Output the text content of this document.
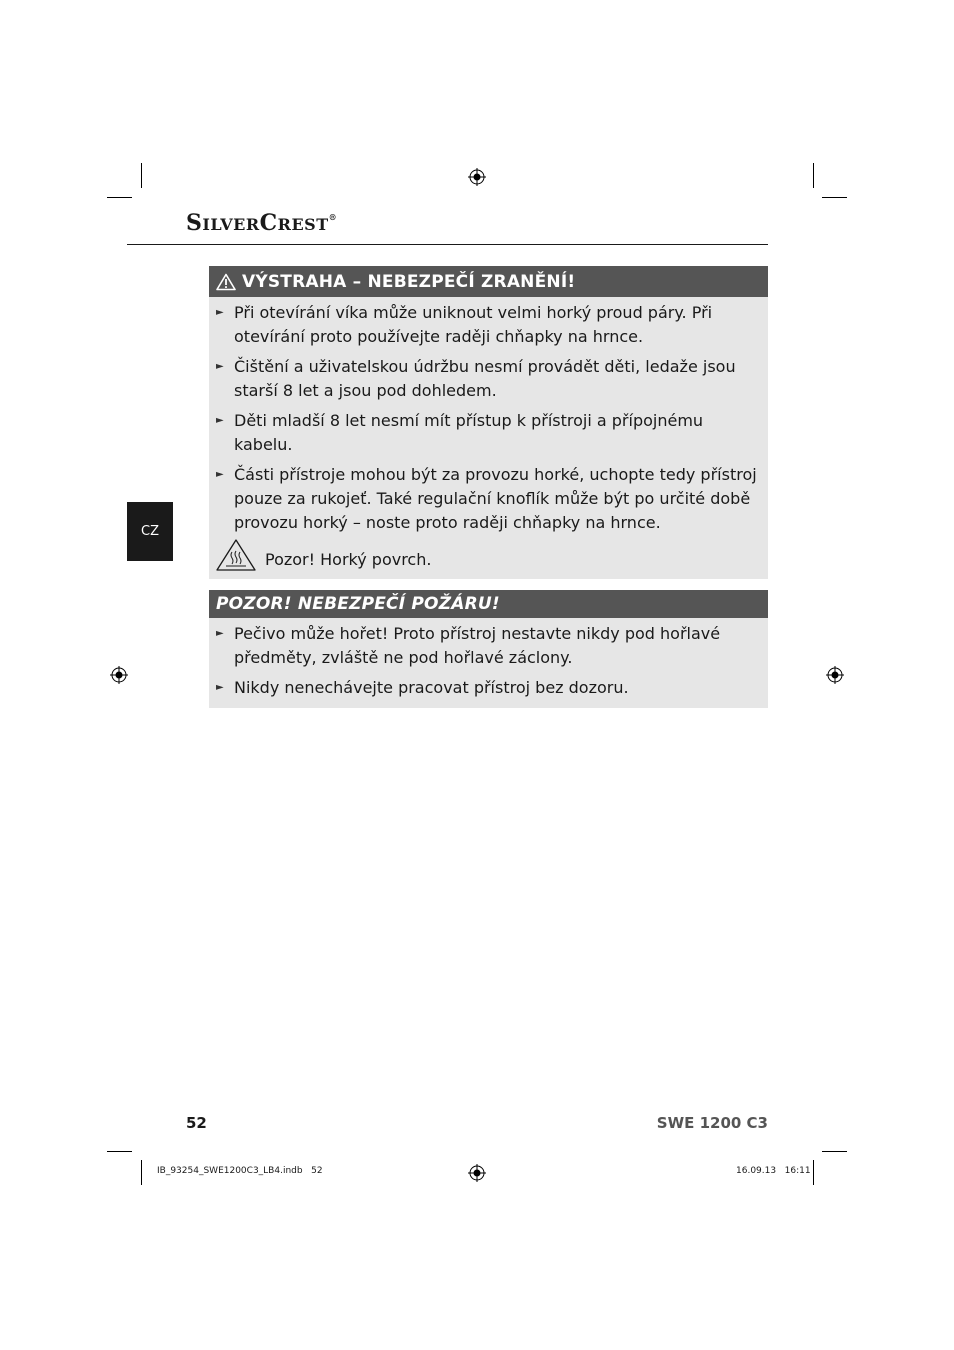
SILVERCREST®
CZ
VÝSTRAHA – NEBEZPEČÍ ZRANĚNÍ!
► Při otevírání víka může uniknout velmi horký proud páry. Při otevírání proto používejte raději chňapky na hrnce.
► Čištění a uživatelskou údržbu nesmí provádět děti, ledaže jsou starší 8 let a jsou pod dohledem.
► Děti mladší 8 let nesmí mít přístup k přístroji a přípojnému kabelu.
► Části přístroje mohou být za provozu horké, uchopte tedy přístroj pouze za rukojeť. Také regulační knoflík může být po určité době provozu horký – noste proto raději chňapky na hrnce.
Pozor! Horký povrch.
POZOR! NEBEZPEČÍ POŽÁRU!
► Pečivo může hořet! Proto přístroj nestavte nikdy pod hořlavé předměty, zvláště ne pod hořlavé záclony.
► Nikdy nenechávejte pracovat přístroj bez dozoru.
52	SWE 1200 C3
IB_93254_SWE1200C3_LB4.indb   52	16.09.13   16:11
